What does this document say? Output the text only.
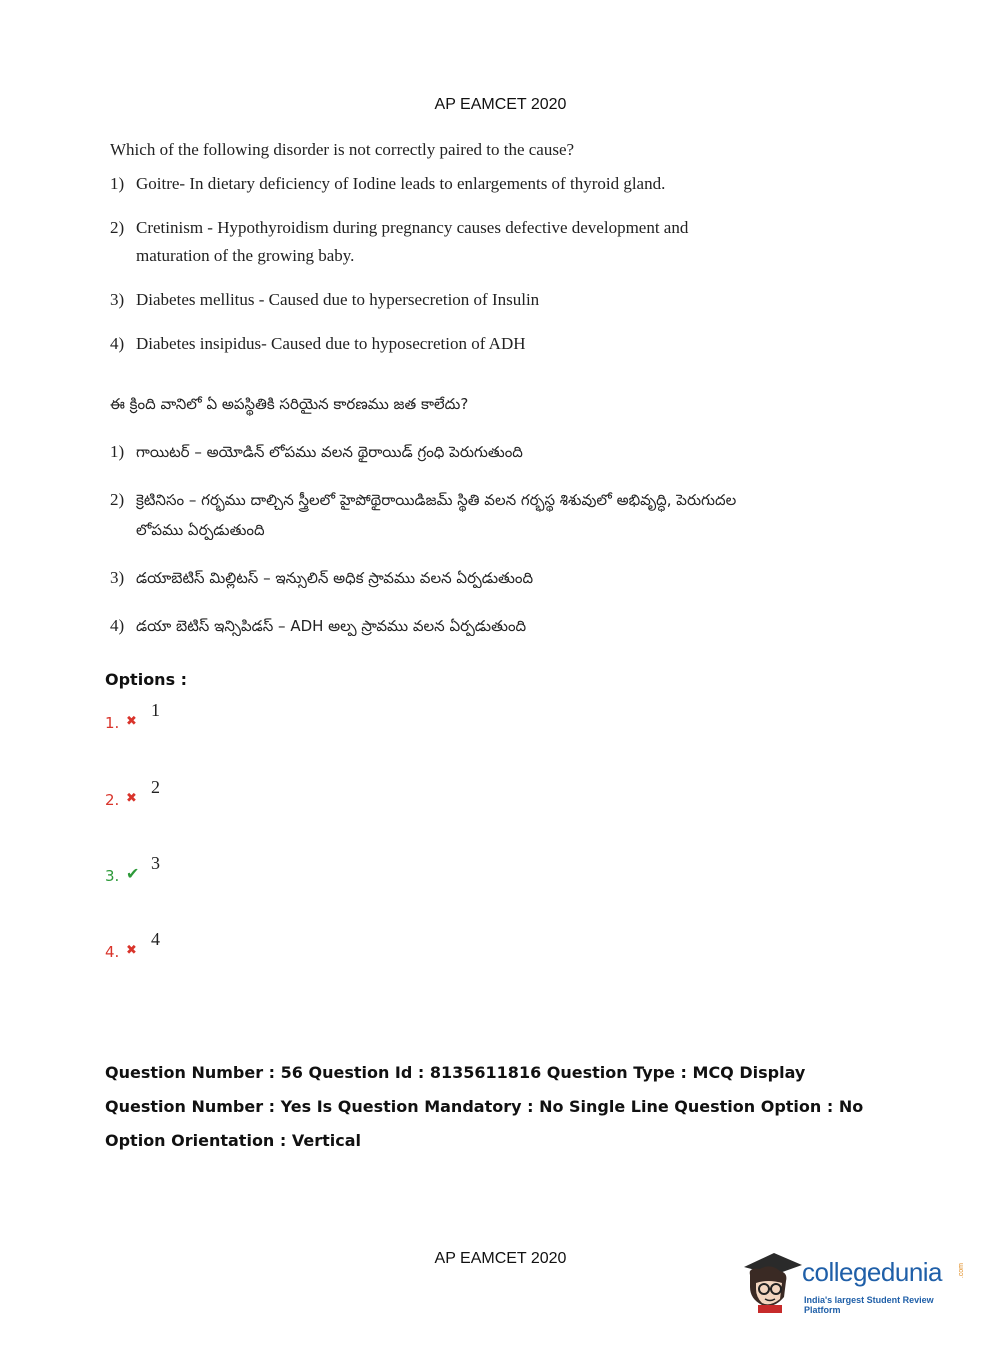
AP EAMCET 2020
Which of the following disorder is not correctly paired to the cause?
1) Goitre- In dietary deficiency of Iodine leads to enlargements of thyroid gland.
2) Cretinism - Hypothyroidism during pregnancy causes defective development and maturation of the growing baby.
3) Diabetes mellitus - Caused due to hypersecretion of Insulin
4) Diabetes insipidus- Caused due to hyposecretion of ADH
ఈ క్రింది వానిలో ఏ అపస్థితికి సరియైన కారణము జత కాలేదు?
1) గాయిటర్ – అయోడిన్ లోపము వలన థైరాయిడ్ గ్రంధి పెరుగుతుంది
2) క్రెటినిసం – గర్భము దాల్చిన స్త్రీలలో హైపోథైరాయిడిజమ్ స్థితి వలన గర్భస్థ శిశువులో అభివృద్ధి, పెరుగుదల లోపము ఏర్పడుతుంది
3) డయాబెటిస్ మిల్లిటస్ – ఇన్సులిన్ అధిక స్రావము వలన ఏర్పడుతుంది
4) డయా బెటిస్ ఇన్సిపిడస్ – ADH అల్ప స్రావము వలన ఏర్పడుతుంది
Options :
1. ✖
1
2. ✖
2
3. ✔
3
4. ✖
4
Question Number : 56 Question Id : 8135611816 Question Type : MCQ Display Question Number : Yes Is Question Mandatory : No Single Line Question Option : No Option Orientation : Vertical
AP EAMCET 2020	collegedunia .com
India's largest Student Review Platform
